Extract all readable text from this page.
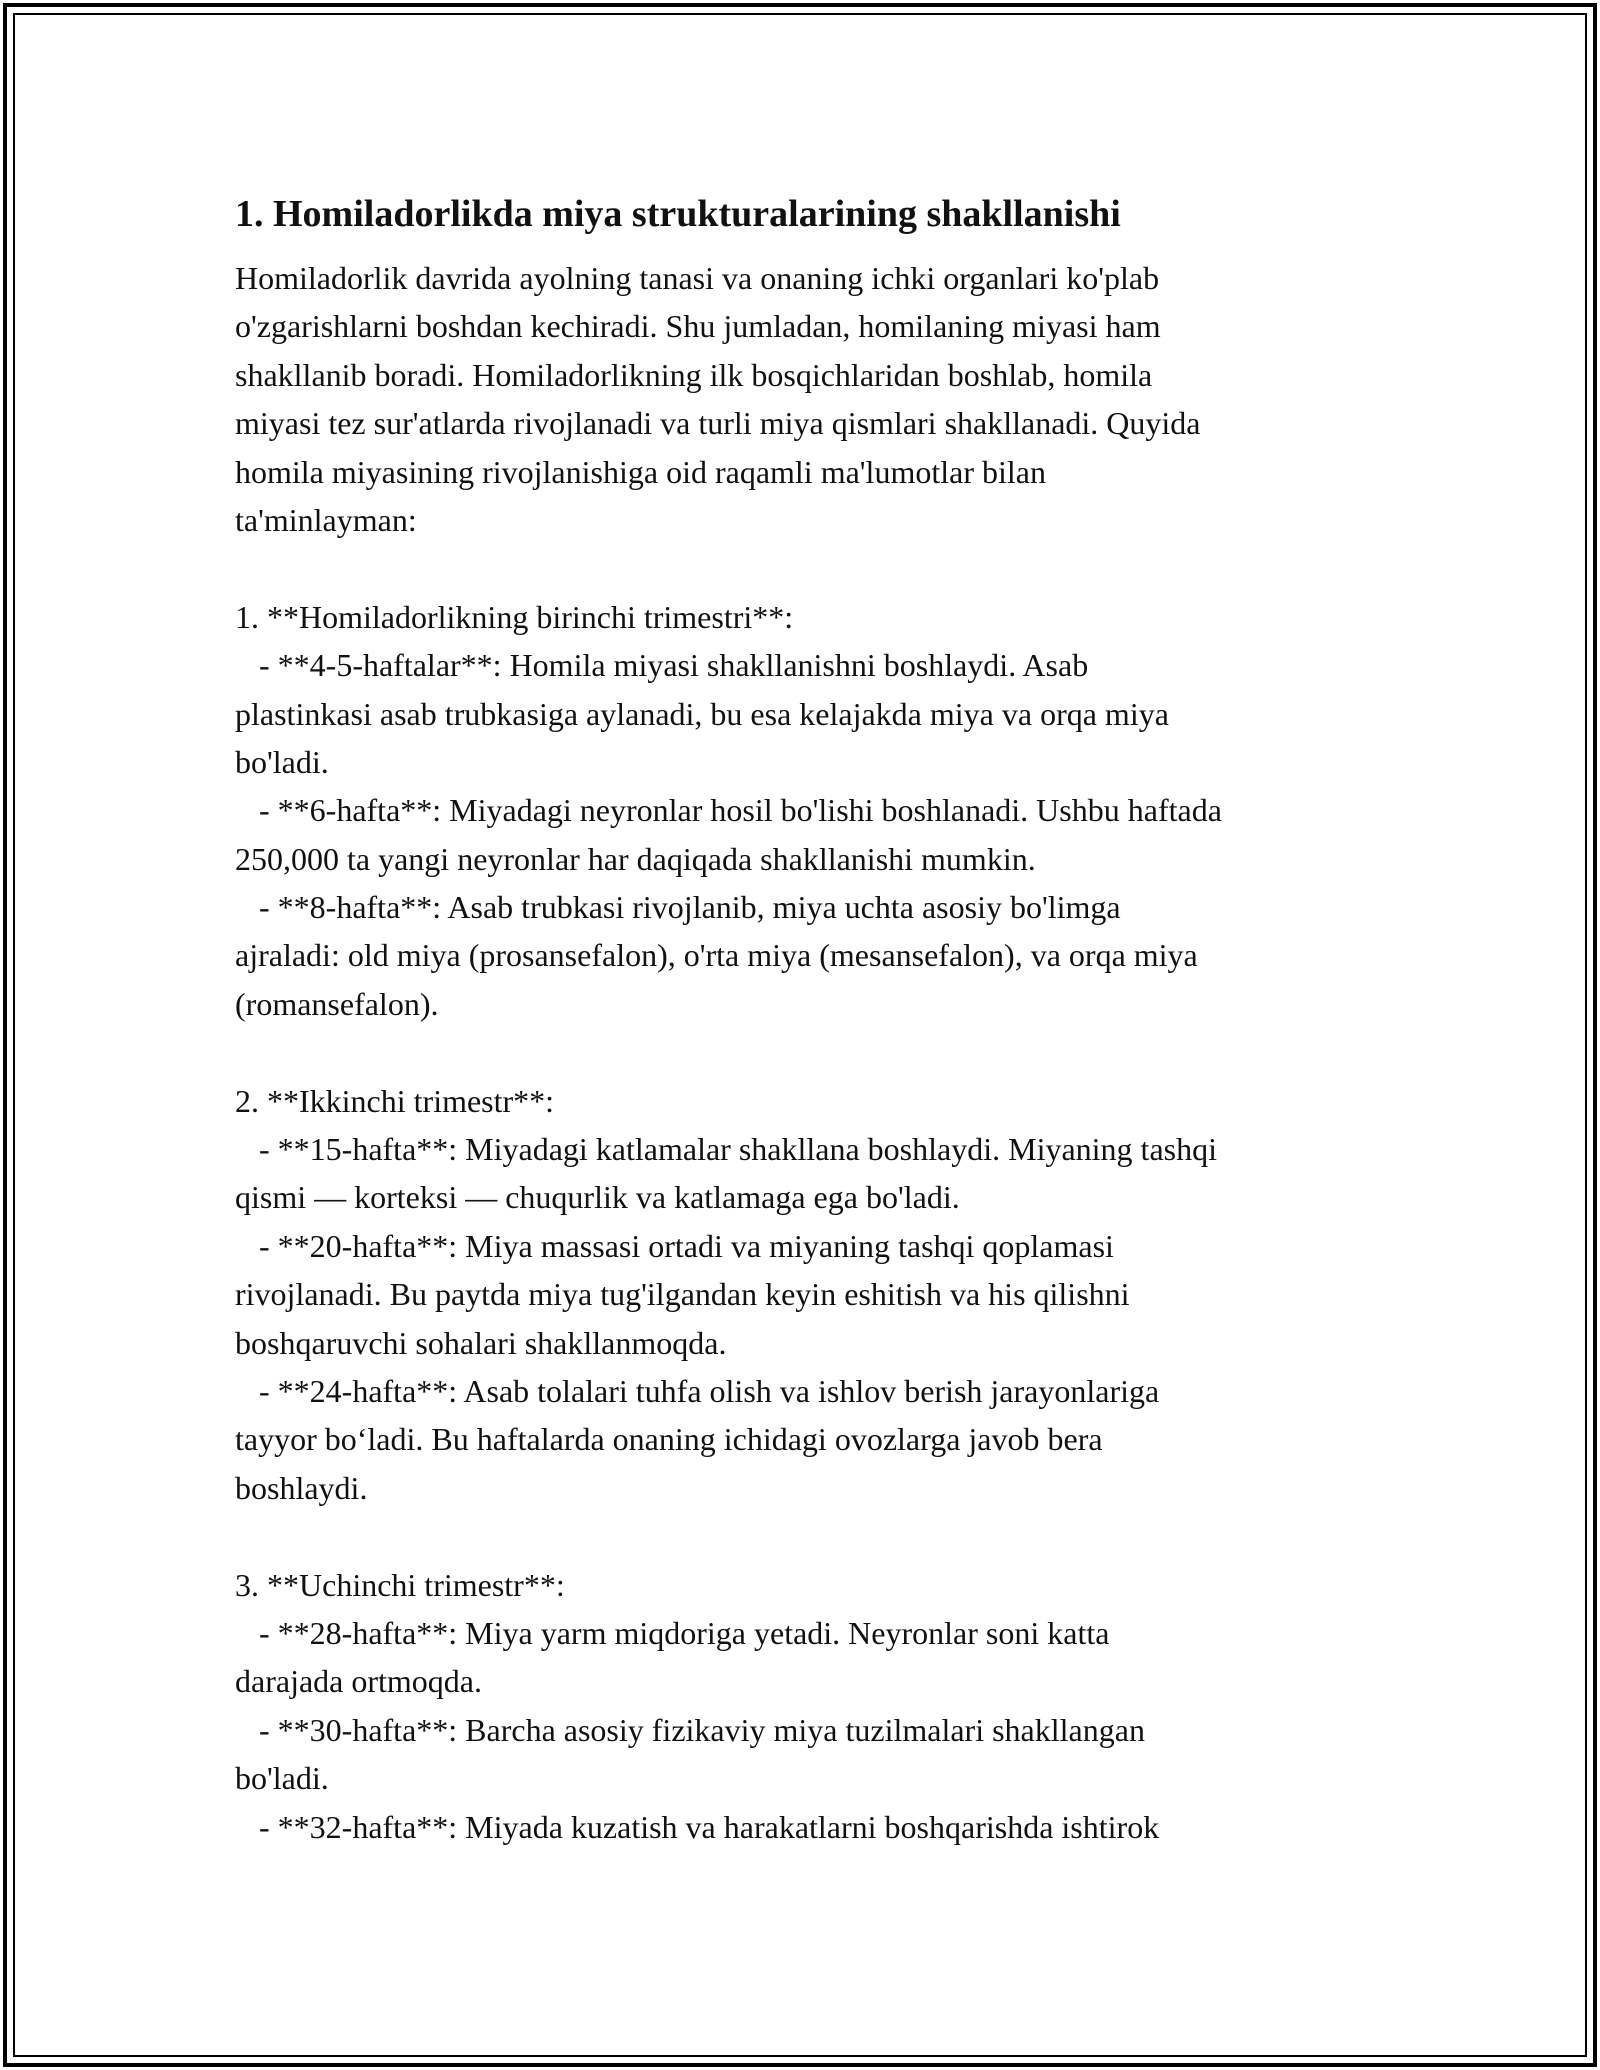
1. Homiladorlikda miya strukturalarining shakllanishi
Homiladorlik davrida ayolning tanasi va onaning ichki organlari ko'plab
o'zgarishlarni boshdan kechiradi. Shu jumladan, homilaning miyasi ham
shakllanib boradi. Homiladorlikning ilk bosqichlaridan boshlab, homila
miyasi tez sur'atlarda rivojlanadi va turli miya qismlari shakllanadi. Quyida
homila miyasining rivojlanishiga oid raqamli ma'lumotlar bilan
ta'minlayman:
1. **Homiladorlikning birinchi trimestri**:
- **4-5-haftalar**: Homila miyasi shakllanishni boshlaydi. Asab
plastinkasi asab trubkasiga aylanadi, bu esa kelajakda miya va orqa miya
bo'ladi.
- **6-hafta**: Miyadagi neyronlar hosil bo'lishi boshlanadi. Ushbu haftada
250,000 ta yangi neyronlar har daqiqada shakllanishi mumkin.
- **8-hafta**: Asab trubkasi rivojlanib, miya uchta asosiy bo'limga
ajraladi: old miya (prosansefalon), o'rta miya (mesansefalon), va orqa miya
(romansefalon).
2. **Ikkinchi trimestr**:
- **15-hafta**: Miyadagi katlamalar shakllana boshlaydi. Miyaning tashqi
qismi — korteksi — chuqurlik va katlamaga ega bo'ladi.
- **20-hafta**: Miya massasi ortadi va miyaning tashqi qoplamasi
rivojlanadi. Bu paytda miya tug'ilgandan keyin eshitish va his qilishni
boshqaruvchi sohalari shakllanmoqda.
- **24-hafta**: Asab tolalari tuhfa olish va ishlov berish jarayonlariga
tayyor bo‘ladi. Bu haftalarda onaning ichidagi ovozlarga javob bera
boshlaydi.
3. **Uchinchi trimestr**:
- **28-hafta**: Miya yarm miqdoriga yetadi. Neyronlar soni katta
darajada ortmoqda.
- **30-hafta**: Barcha asosiy fizikaviy miya tuzilmalari shakllangan
bo'ladi.
- **32-hafta**: Miyada kuzatish va harakatlarni boshqarishda ishtirok
